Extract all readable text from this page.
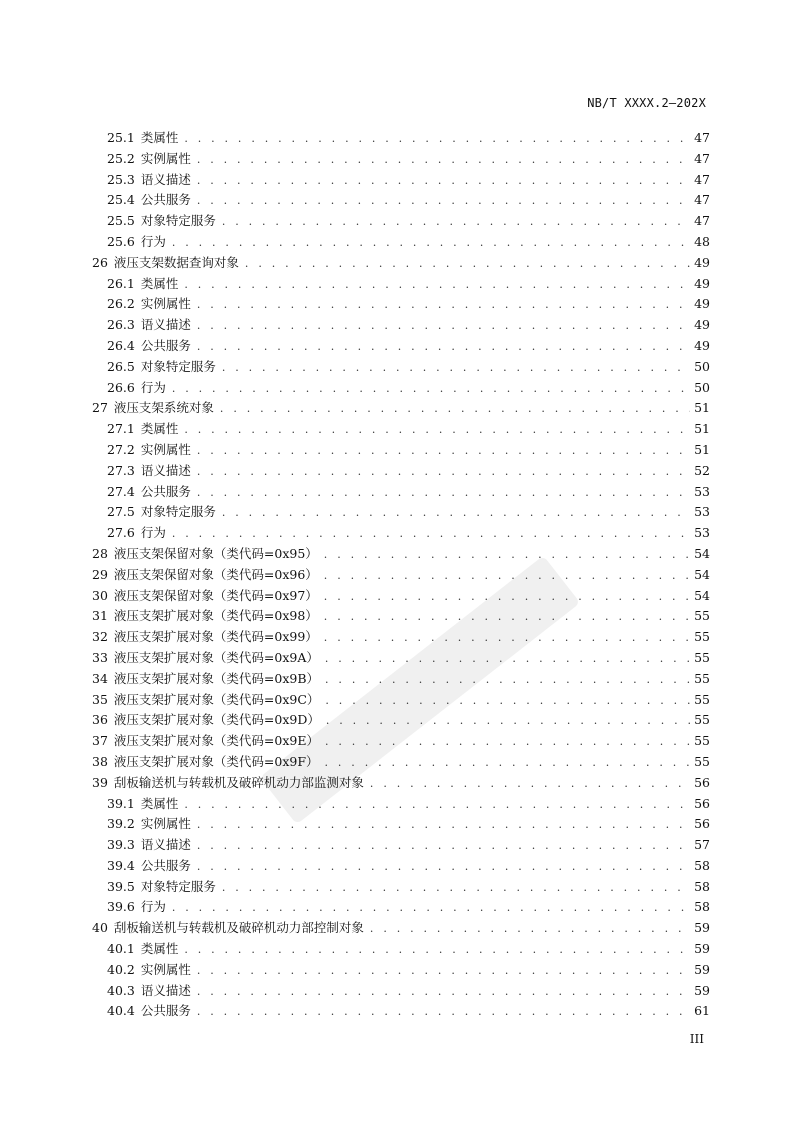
NB/T XXXX.2—202X
25.1 类属性 . . .	47
25.2 实例属性 . . .	47
25.3 语义描述 . . .	47
25.4 公共服务 . . .	47
25.5 对象特定服务 . . .	47
25.6 行为 . . .	48
26 液压支架数据查询对象 . . .	49
26.1 类属性 . . .	49
26.2 实例属性 . . .	49
26.3 语义描述 . . .	49
26.4 公共服务 . . .	49
26.5 对象特定服务 . . .	50
26.6 行为 . . .	50
27 液压支架系统对象 . . .	51
27.1 类属性 . . .	51
27.2 实例属性 . . .	51
27.3 语义描述 . . .	52
27.4 公共服务 . . .	53
27.5 对象特定服务 . . .	53
27.6 行为 . . .	53
28 液压支架保留对象（类代码=0x95） . . .	54
29 液压支架保留对象（类代码=0x96） . . .	54
30 液压支架保留对象（类代码=0x97） . . .	54
31 液压支架扩展对象（类代码=0x98） . . .	55
32 液压支架扩展对象（类代码=0x99） . . .	55
33 液压支架扩展对象（类代码=0x9A） . . .	55
34 液压支架扩展对象（类代码=0x9B） . . .	55
35 液压支架扩展对象（类代码=0x9C） . . .	55
36 液压支架扩展对象（类代码=0x9D） . . .	55
37 液压支架扩展对象（类代码=0x9E） . . .	55
38 液压支架扩展对象（类代码=0x9F） . . .	55
39 刮板输送机与转载机及破碎机动力部监测对象 . . .	56
39.1 类属性 . . .	56
39.2 实例属性 . . .	56
39.3 语义描述 . . .	57
39.4 公共服务 . . .	58
39.5 对象特定服务 . . .	58
39.6 行为 . . .	58
40 刮板输送机与转载机及破碎机动力部控制对象 . . .	59
40.1 类属性 . . .	59
40.2 实例属性 . . .	59
40.3 语义描述 . . .	59
40.4 公共服务 . . .	61
III
